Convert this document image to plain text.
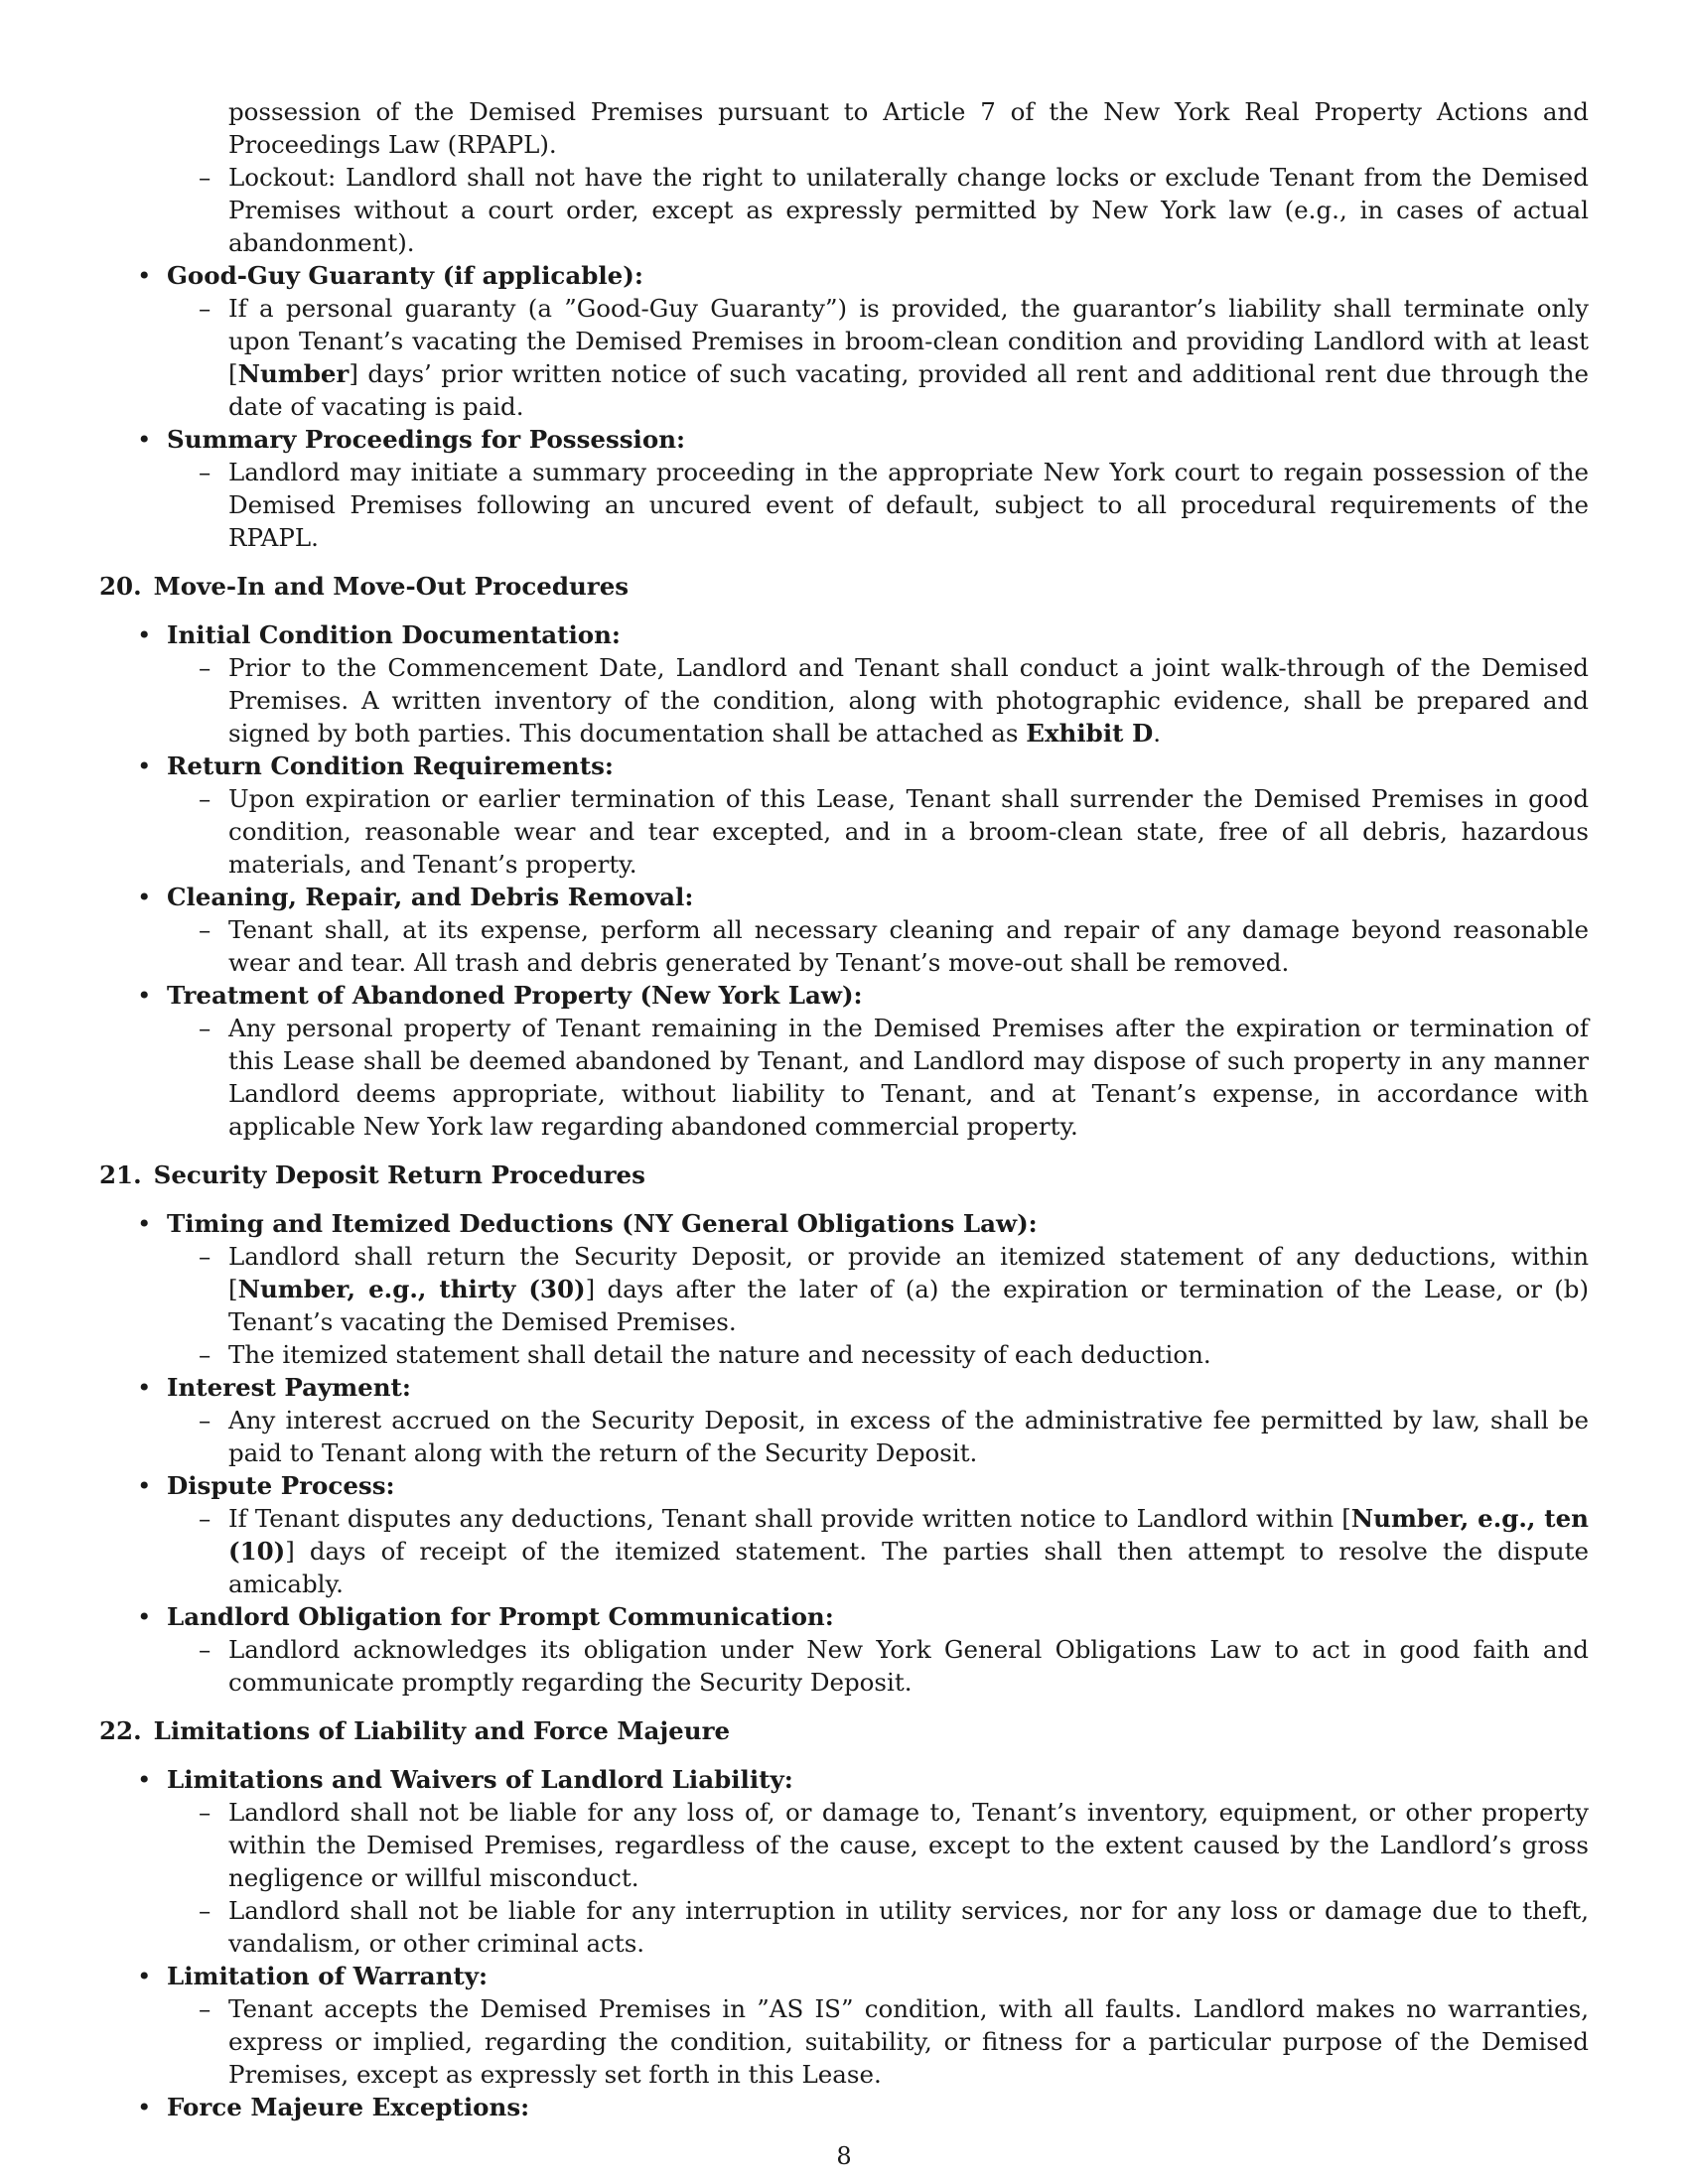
possession of the Demised Premises pursuant to Article 7 of the New York Real Property Actions and Proceedings Law (RPAPL).
– Lockout: Landlord shall not have the right to unilaterally change locks or exclude Tenant from the Demised Premises without a court order, except as expressly permitted by New York law (e.g., in cases of actual abandonment).
• Good-Guy Guaranty (if applicable):
– If a personal guaranty (a ”Good-Guy Guaranty”) is provided, the guarantor’s liability shall terminate only upon Tenant’s vacating the Demised Premises in broom-clean condition and providing Landlord with at least [Number] days’ prior written notice of such vacating, provided all rent and additional rent due through the date of vacating is paid.
• Summary Proceedings for Possession:
– Landlord may initiate a summary proceeding in the appropriate New York court to regain possession of the Demised Premises following an uncured event of default, subject to all procedural requirements of the RPAPL.
20. Move-In and Move-Out Procedures
• Initial Condition Documentation:
– Prior to the Commencement Date, Landlord and Tenant shall conduct a joint walk-through of the Demised Premises. A written inventory of the condition, along with photographic evidence, shall be prepared and signed by both parties. This documentation shall be attached as Exhibit D.
• Return Condition Requirements:
– Upon expiration or earlier termination of this Lease, Tenant shall surrender the Demised Premises in good condition, reasonable wear and tear excepted, and in a broom-clean state, free of all debris, hazardous materials, and Tenant’s property.
• Cleaning, Repair, and Debris Removal:
– Tenant shall, at its expense, perform all necessary cleaning and repair of any damage beyond reasonable wear and tear. All trash and debris generated by Tenant’s move-out shall be removed.
• Treatment of Abandoned Property (New York Law):
– Any personal property of Tenant remaining in the Demised Premises after the expiration or termination of this Lease shall be deemed abandoned by Tenant, and Landlord may dispose of such property in any manner Landlord deems appropriate, without liability to Tenant, and at Tenant’s expense, in accordance with applicable New York law regarding abandoned commercial property.
21. Security Deposit Return Procedures
• Timing and Itemized Deductions (NY General Obligations Law):
– Landlord shall return the Security Deposit, or provide an itemized statement of any deductions, within [Number, e.g., thirty (30)] days after the later of (a) the expiration or termination of the Lease, or (b) Tenant’s vacating the Demised Premises.
– The itemized statement shall detail the nature and necessity of each deduction.
• Interest Payment:
– Any interest accrued on the Security Deposit, in excess of the administrative fee permitted by law, shall be paid to Tenant along with the return of the Security Deposit.
• Dispute Process:
– If Tenant disputes any deductions, Tenant shall provide written notice to Landlord within [Number, e.g., ten (10)] days of receipt of the itemized statement. The parties shall then attempt to resolve the dispute amicably.
• Landlord Obligation for Prompt Communication:
– Landlord acknowledges its obligation under New York General Obligations Law to act in good faith and communicate promptly regarding the Security Deposit.
22. Limitations of Liability and Force Majeure
• Limitations and Waivers of Landlord Liability:
– Landlord shall not be liable for any loss of, or damage to, Tenant’s inventory, equipment, or other property within the Demised Premises, regardless of the cause, except to the extent caused by the Landlord’s gross negligence or willful misconduct.
– Landlord shall not be liable for any interruption in utility services, nor for any loss or damage due to theft, vandalism, or other criminal acts.
• Limitation of Warranty:
– Tenant accepts the Demised Premises in ”AS IS” condition, with all faults. Landlord makes no warranties, express or implied, regarding the condition, suitability, or fitness for a particular purpose of the Demised Premises, except as expressly set forth in this Lease.
• Force Majeure Exceptions:
8
